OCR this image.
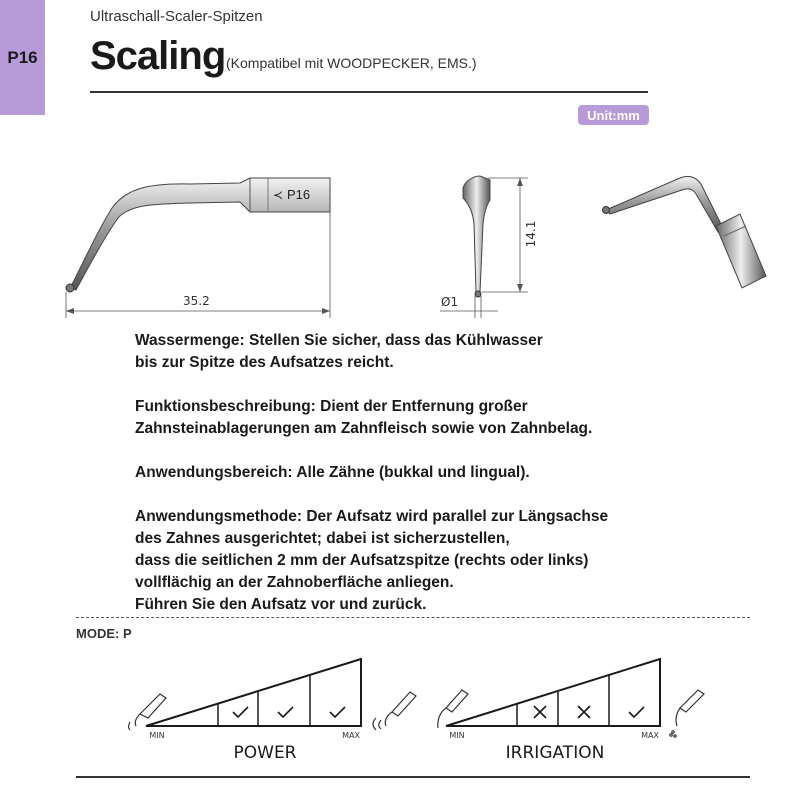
P16
Ultraschall-Scaler-Spitzen
Scaling (Kompatibel mit WOODPECKER, EMS.)
Unit:mm
P16
≺
35.2
14.1
Ø1
MIN	MAX
POWER
MIN	MAX
IRRIGATION

Wassermenge: Stellen Sie sicher, dass das Kühlwasser
bis zur Spitze des Aufsatzes reicht.

Funktionsbeschreibung: Dient der Entfernung großer
Zahnsteinablagerungen am Zahnfleisch sowie von Zahnbelag.

Anwendungsbereich: Alle Zähne (bukkal und lingual).

Anwendungsmethode: Der Aufsatz wird parallel zur Längsachse
des Zahnes ausgerichtet; dabei ist sicherzustellen,
dass die seitlichen 2 mm der Aufsatzspitze (rechts oder links)
vollflächig an der Zahnoberfläche anliegen.
Führen Sie den Aufsatz vor und zurück.

MODE: P
